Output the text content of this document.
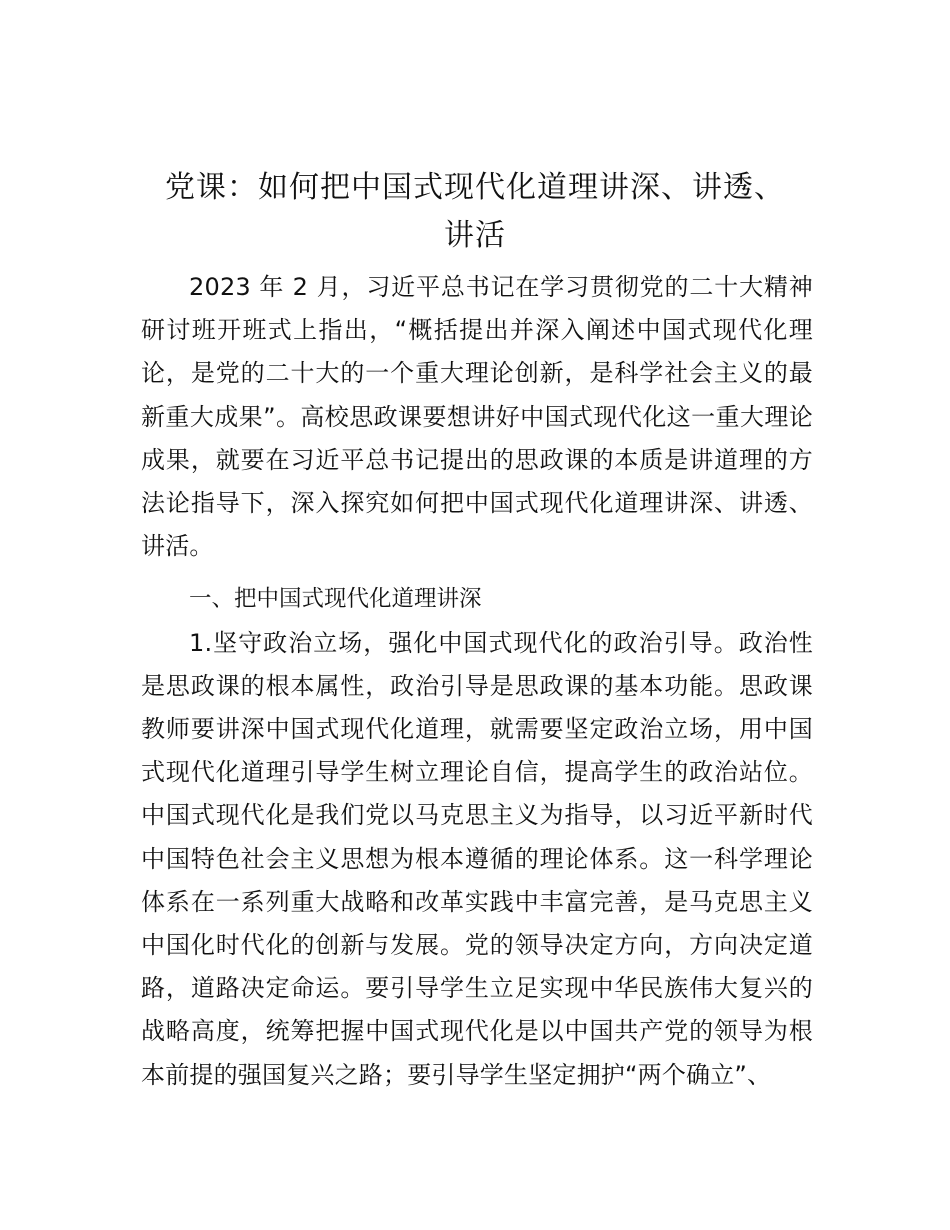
党课：如何把中国式现代化道理讲深、讲透、
讲活

2023 年 2 月，习近平总书记在学习贯彻党的二十大精神研讨班开班式上指出，“概括提出并深入阐述中国式现代化理论，是党的二十大的一个重大理论创新，是科学社会主义的最新重大成果”。高校思政课要想讲好中国式现代化这一重大理论成果，就要在习近平总书记提出的思政课的本质是讲道理的方法论指导下，深入探究如何把中国式现代化道理讲深、讲透、讲活。

一、把中国式现代化道理讲深

1.坚守政治立场，强化中国式现代化的政治引导。政治性是思政课的根本属性，政治引导是思政课的基本功能。思政课教师要讲深中国式现代化道理，就需要坚定政治立场，用中国式现代化道理引导学生树立理论自信，提高学生的政治站位。中国式现代化是我们党以马克思主义为指导，以习近平新时代中国特色社会主义思想为根本遵循的理论体系。这一科学理论体系在一系列重大战略和改革实践中丰富完善，是马克思主义中国化时代化的创新与发展。党的领导决定方向，方向决定道路，道路决定命运。要引导学生立足实现中华民族伟大复兴的战略高度，统筹把握中国式现代化是以中国共产党的领导为根本前提的强国复兴之路；要引导学生坚定拥护“两个确立”、
